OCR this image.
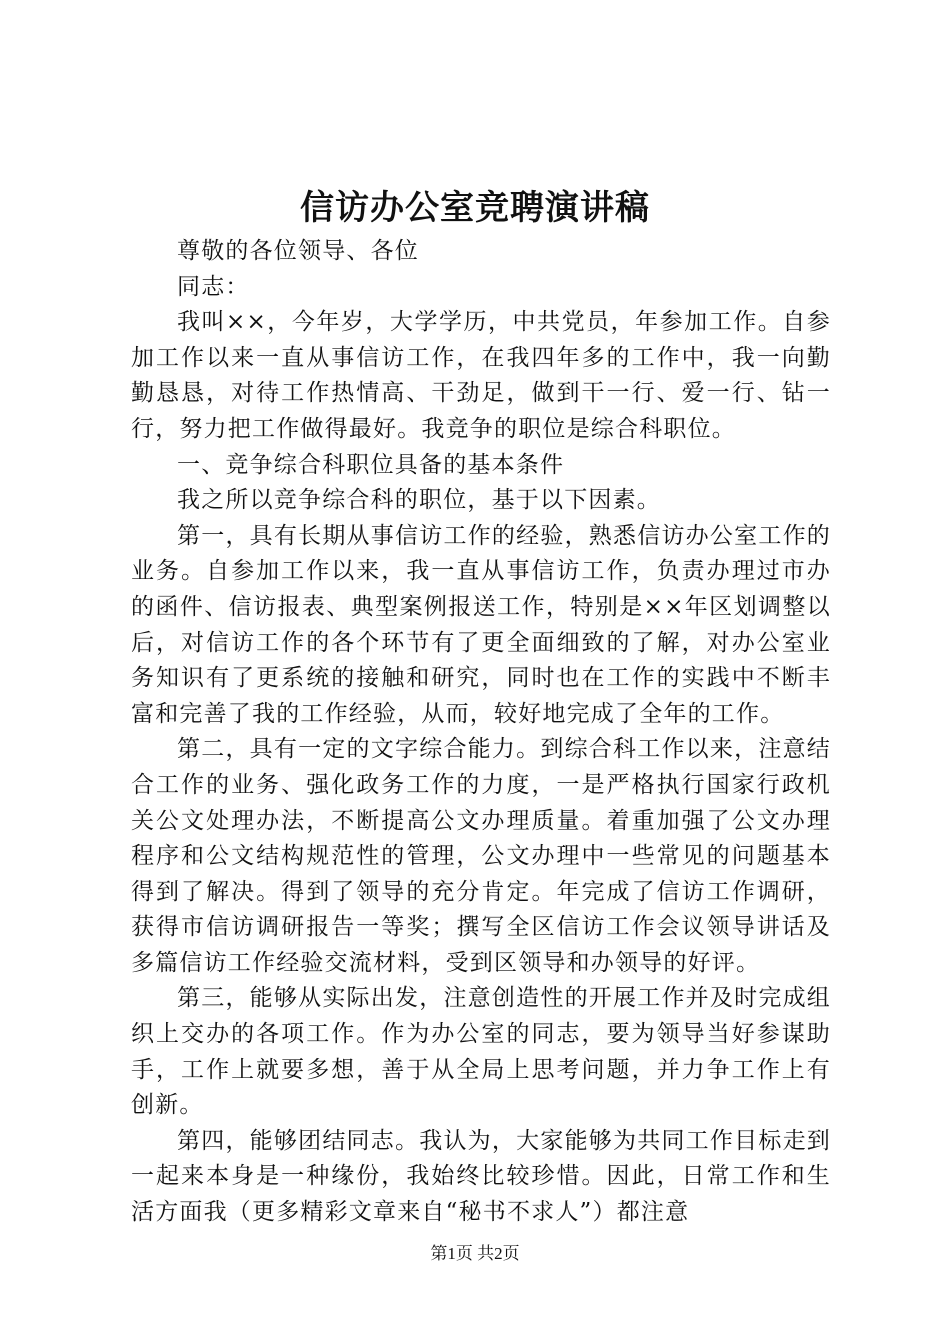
信访办公室竞聘演讲稿

尊敬的各位领导、各位

同志：

我叫××，今年岁，大学学历，中共党员，年参加工作。自参加工作以来一直从事信访工作，在我四年多的工作中，我一向勤勤恳恳，对待工作热情高、干劲足，做到干一行、爱一行、钻一行，努力把工作做得最好。我竞争的职位是综合科职位。

一、竞争综合科职位具备的基本条件

我之所以竞争综合科的职位，基于以下因素。

第一，具有长期从事信访工作的经验，熟悉信访办公室工作的业务。自参加工作以来，我一直从事信访工作，负责办理过市办的函件、信访报表、典型案例报送工作，特别是××年区划调整以后，对信访工作的各个环节有了更全面细致的了解，对办公室业务知识有了更系统的接触和研究，同时也在工作的实践中不断丰富和完善了我的工作经验，从而，较好地完成了全年的工作。

第二，具有一定的文字综合能力。到综合科工作以来，注意结合工作的业务、强化政务工作的力度，一是严格执行国家行政机关公文处理办法，不断提高公文办理质量。着重加强了公文办理程序和公文结构规范性的管理，公文办理中一些常见的问题基本得到了解决。得到了领导的充分肯定。年完成了信访工作调研，获得市信访调研报告一等奖；撰写全区信访工作会议领导讲话及多篇信访工作经验交流材料，受到区领导和办领导的好评。

第三，能够从实际出发，注意创造性的开展工作并及时完成组织上交办的各项工作。作为办公室的同志，要为领导当好参谋助手，工作上就要多想，善于从全局上思考问题，并力争工作上有创新。

第四，能够团结同志。我认为，大家能够为共同工作目标走到一起来本身是一种缘份，我始终比较珍惜。因此，日常工作和生活方面我（更多精彩文章来自“秘书不求人”）都注意

第1页 共2页
